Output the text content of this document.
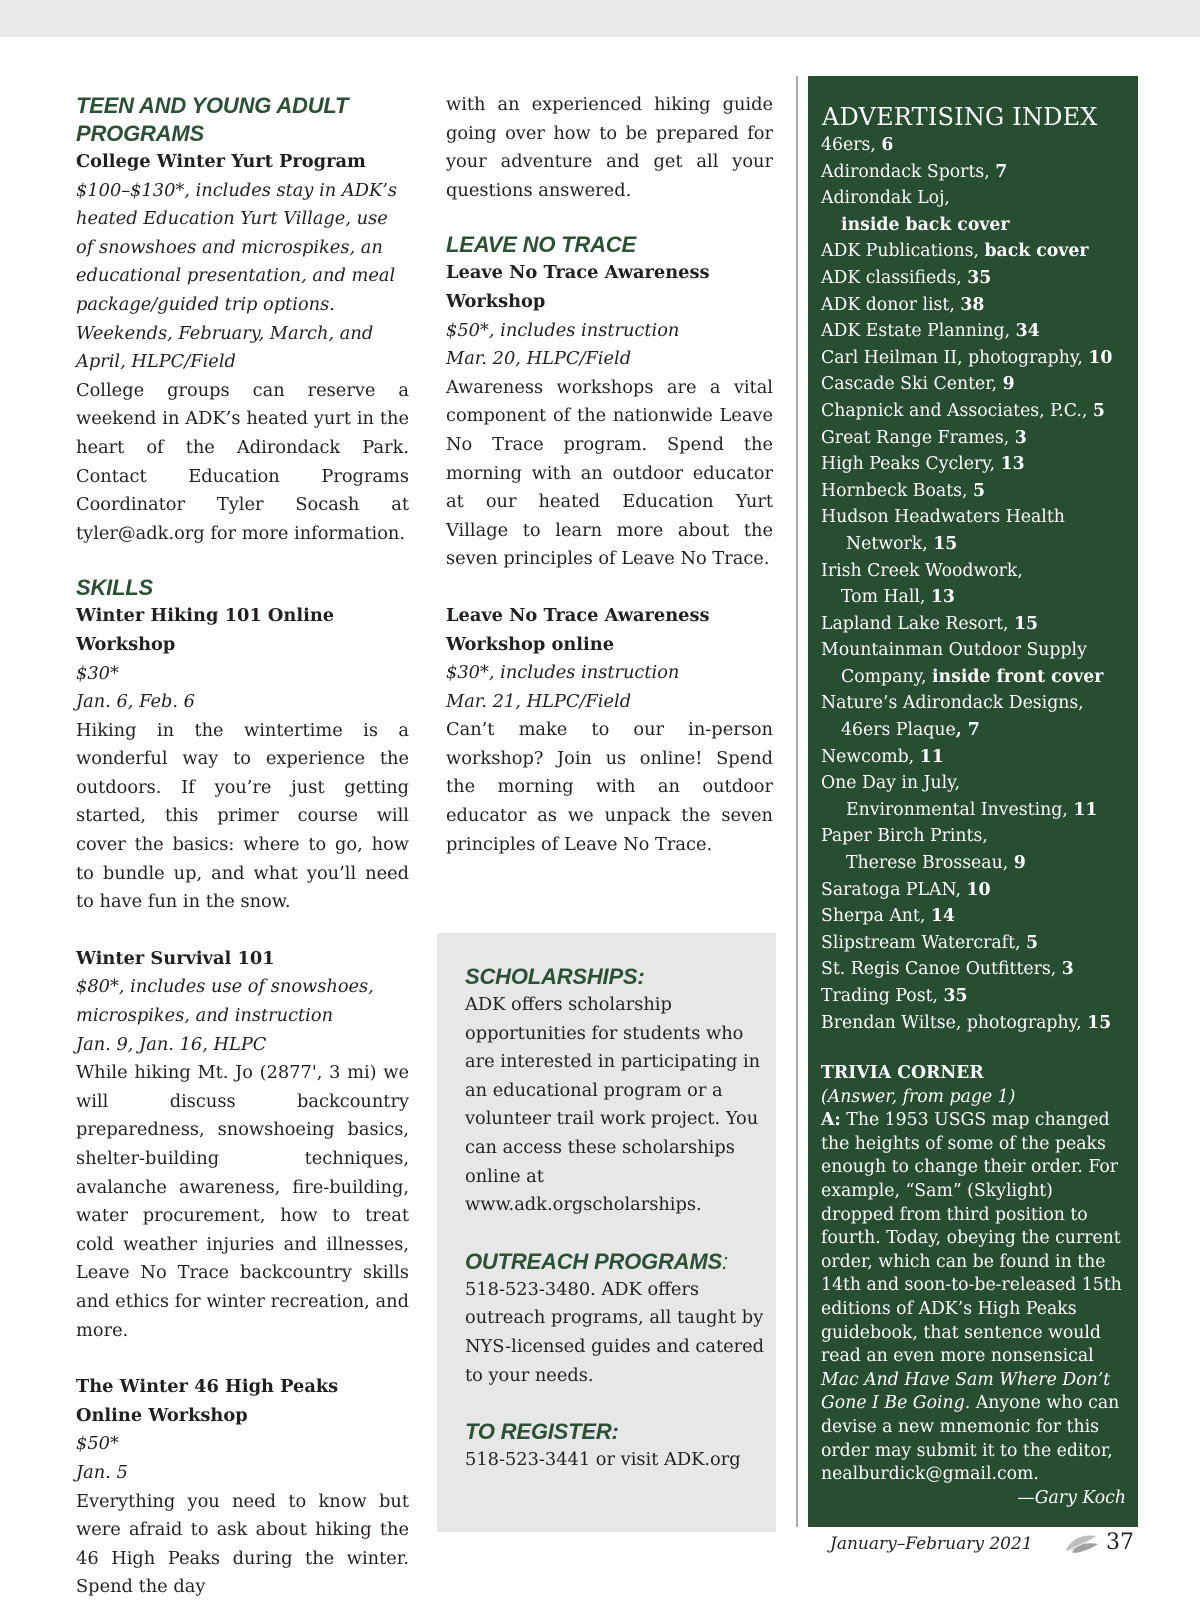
TEEN AND YOUNG ADULT PROGRAMS
College Winter Yurt Program
$100–$130*, includes stay in ADK’s heated Education Yurt Village, use of snowshoes and microspikes, an educational presentation, and meal package/guided trip options.
Weekends, February, March, and April, HLPC/Field
College groups can reserve a weekend in ADK’s heated yurt in the heart of the Adirondack Park. Contact Education Programs Coordinator Tyler Socash at tyler@adk.org for more information.
SKILLS
Winter Hiking 101 Online Workshop
$30*
Jan. 6, Feb. 6
Hiking in the wintertime is a wonderful way to experience the outdoors. If you’re just getting started, this primer course will cover the basics: where to go, how to bundle up, and what you’ll need to have fun in the snow.
Winter Survival 101
$80*, includes use of snowshoes, microspikes, and instruction
Jan. 9, Jan. 16, HLPC
While hiking Mt. Jo (2877', 3 mi) we will discuss backcountry preparedness, snowshoeing basics, shelter-building techniques, avalanche awareness, fire-building, water procurement, how to treat cold weather injuries and illnesses, Leave No Trace backcountry skills and ethics for winter recreation, and more.
The Winter 46 High Peaks Online Workshop
$50*
Jan. 5
Everything you need to know but were afraid to ask about hiking the 46 High Peaks during the winter. Spend the day
with an experienced hiking guide going over how to be prepared for your adventure and get all your questions answered.
LEAVE NO TRACE
Leave No Trace Awareness Workshop
$50*, includes instruction
Mar. 20, HLPC/Field
Awareness workshops are a vital component of the nationwide Leave No Trace program. Spend the morning with an outdoor educator at our heated Education Yurt Village to learn more about the seven principles of Leave No Trace.
Leave No Trace Awareness Workshop online
$30*, includes instruction
Mar. 21, HLPC/Field
Can’t make to our in-person workshop? Join us online! Spend the morning with an outdoor educator as we unpack the seven principles of Leave No Trace.
SCHOLARSHIPS:
ADK offers scholarship opportunities for students who are interested in participating in an educational program or a volunteer trail work project. You can access these scholarships online at www.adk.orgscholarships.
OUTREACH PROGRAMS:
518-523-3480. ADK offers outreach programs, all taught by NYS-licensed guides and catered to your needs.
TO REGISTER:
518-523-3441 or visit ADK.org
ADVERTISING INDEX
46ers, 6
Adirondack Sports, 7
Adirondak Loj,
inside back cover
ADK Publications, back cover
ADK classifieds, 35
ADK donor list, 38
ADK Estate Planning, 34
Carl Heilman II, photography, 10
Cascade Ski Center, 9
Chapnick and Associates, P.C., 5
Great Range Frames, 3
High Peaks Cyclery, 13
Hornbeck Boats, 5
Hudson Headwaters Health
Network, 15
Irish Creek Woodwork,
Tom Hall, 13
Lapland Lake Resort, 15
Mountainman Outdoor Supply
Company, inside front cover
Nature’s Adirondack Designs,
46ers Plaque, 7
Newcomb, 11
One Day in July,
Environmental Investing, 11
Paper Birch Prints,
Therese Brosseau, 9
Saratoga PLAN, 10
Sherpa Ant, 14
Slipstream Watercraft, 5
St. Regis Canoe Outfitters, 3
Trading Post, 35
Brendan Wiltse, photography, 15
TRIVIA CORNER
(Answer, from page 1)
A: The 1953 USGS map changed the heights of some of the peaks enough to change their order. For example, “Sam” (Skylight) dropped from third position to fourth. Today, obeying the current order, which can be found in the 14th and soon-to-be-released 15th editions of ADK’s High Peaks guidebook, that sentence would read an even more nonsensical Mac And Have Sam Where Don’t Gone I Be Going. Anyone who can devise a new mnemonic for this order may submit it to the editor, nealburdick@gmail.com.
—Gary Koch
January–February 2021	37
